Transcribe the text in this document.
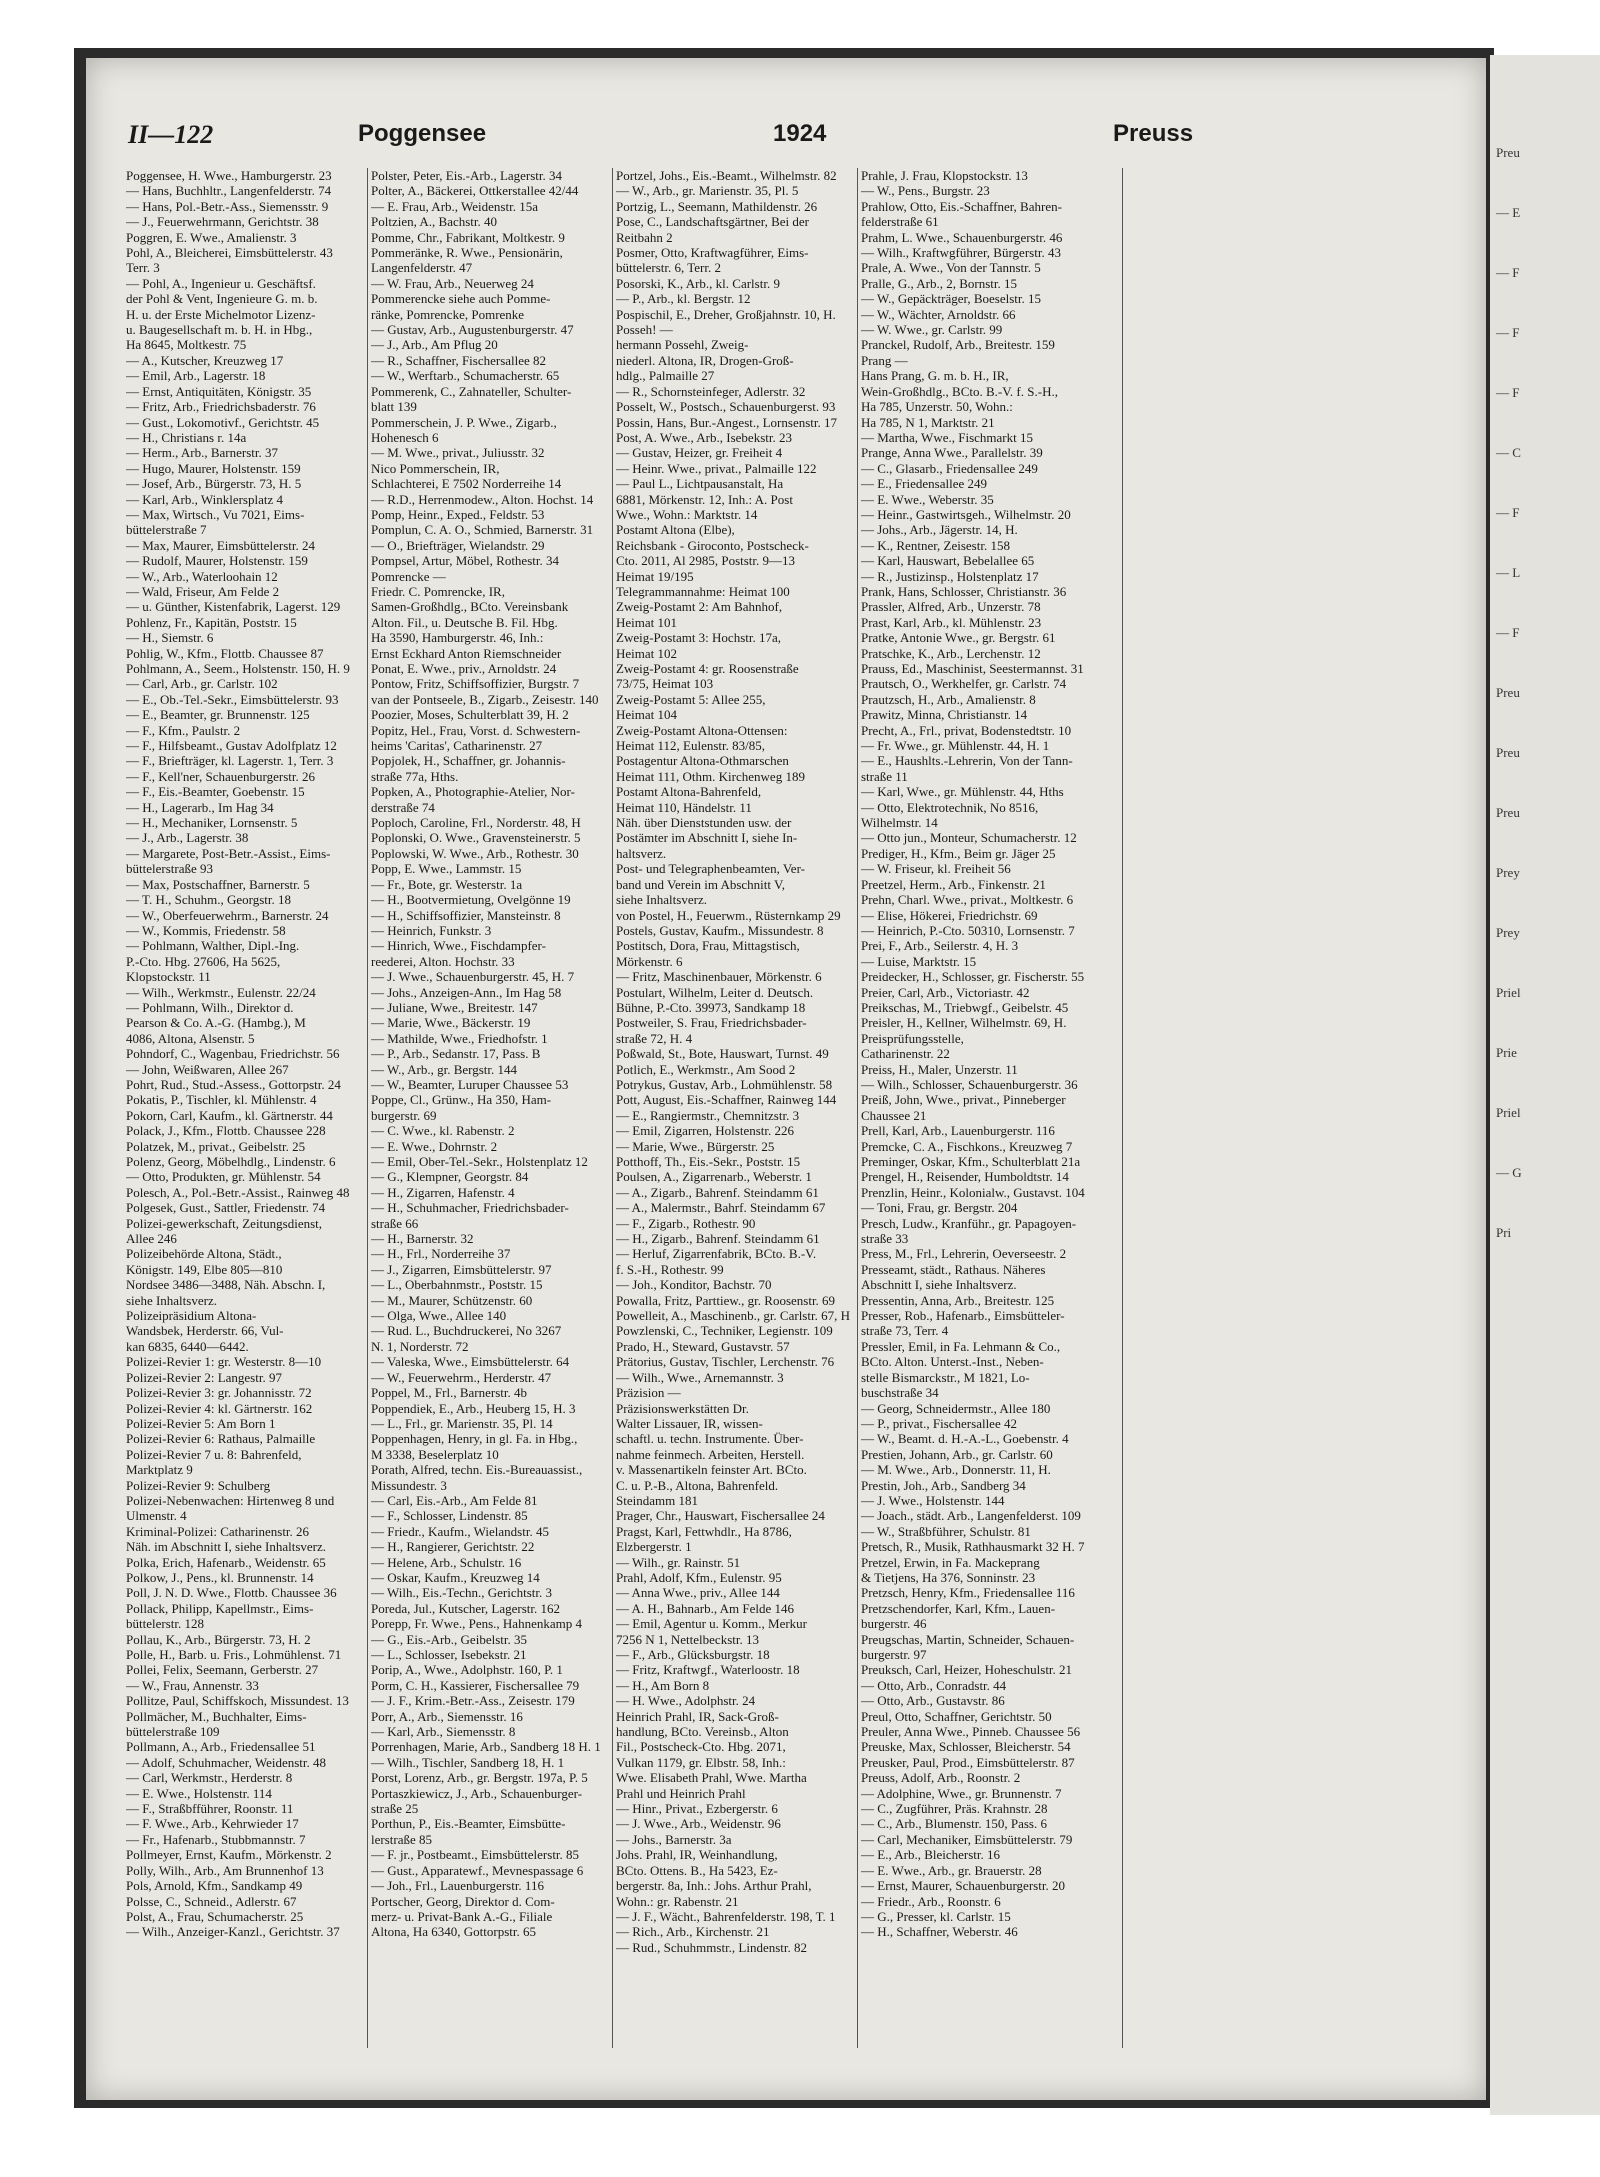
Preu
— E
— F
— F
— F
— C
— F
— L
— F
Preu
Preu
Preu
Prey
Prey
Priel
Prie
Priel
— G
Pri
II—122	Poggensee	1924	Preuss
Poggensee, H. Wwe., Hamburgerstr. 23
— Hans, Buchhltr., Langenfelderstr. 74
— Hans, Pol.-Betr.-Ass., Siemensstr. 9
— J., Feuerwehrmann, Gerichtstr. 38
Poggren, E. Wwe., Amalienstr. 3
Pohl, A., Bleicherei, Eimsbüttelerstr. 43
Terr. 3
— Pohl, A., Ingenieur u. Geschäftsf.
der Pohl & Vent, Ingenieure G. m. b.
H. u. der Erste Michelmotor Lizenz-
u. Baugesellschaft m. b. H. in Hbg.,
Ha 8645, Moltkestr. 75
— A., Kutscher, Kreuzweg 17
— Emil, Arb., Lagerstr. 18
— Ernst, Antiquitäten, Königstr. 35
— Fritz, Arb., Friedrichsbaderstr. 76
— Gust., Lokomotivf., Gerichtstr. 45
— H., Christians r. 14a
— Herm., Arb., Barnerstr. 37
— Hugo, Maurer, Holstenstr. 159
— Josef, Arb., Bürgerstr. 73, H. 5
— Karl, Arb., Winklersplatz 4
— Max, Wirtsch., Vu 7021, Eims-
büttelerstraße 7
— Max, Maurer, Eimsbüttelerstr. 24
— Rudolf, Maurer, Holstenstr. 159
— W., Arb., Waterloohain 12
— Wald, Friseur, Am Felde 2
— u. Günther, Kistenfabrik, Lagerst. 129
Pohlenz, Fr., Kapitän, Poststr. 15
— H., Siemstr. 6
Pohlig, W., Kfm., Flottb. Chaussee 87
Pohlmann, A., Seem., Holstenstr. 150, H. 9
— Carl, Arb., gr. Carlstr. 102
— E., Ob.-Tel.-Sekr., Eimsbüttelerstr. 93
— E., Beamter, gr. Brunnenstr. 125
— F., Kfm., Paulstr. 2
— F., Hilfsbeamt., Gustav Adolfplatz 12
— F., Briefträger, kl. Lagerstr. 1, Terr. 3
— F., Kell'ner, Schauenburgerstr. 26
— F., Eis.-Beamter, Goebenstr. 15
— H., Lagerarb., Im Hag 34
— H., Mechaniker, Lornsenstr. 5
— J., Arb., Lagerstr. 38
— Margarete, Post-Betr.-Assist., Eims-
büttelerstraße 93
— Max, Postschaffner, Barnerstr. 5
— T. H., Schuhm., Georgstr. 18
— W., Oberfeuerwehrm., Barnerstr. 24
— W., Kommis, Friedenstr. 58
— Pohlmann, Walther, Dipl.-Ing.
P.-Cto. Hbg. 27606, Ha 5625,
Klopstockstr. 11
— Wilh., Werkmstr., Eulenstr. 22/24
— Pohlmann, Wilh., Direktor d.
Pearson & Co. A.-G. (Hambg.), M
4086, Altona, Alsenstr. 5
Pohndorf, C., Wagenbau, Friedrichstr. 56
— John, Weißwaren, Allee 267
Pohrt, Rud., Stud.-Assess., Gottorpstr. 24
Pokatis, P., Tischler, kl. Mühlenstr. 4
Pokorn, Carl, Kaufm., kl. Gärtnerstr. 44
Polack, J., Kfm., Flottb. Chaussee 228
Polatzek, M., privat., Geibelstr. 25
Polenz, Georg, Möbelhdlg., Lindenstr. 6
— Otto, Produkten, gr. Mühlenstr. 54
Polesch, A., Pol.-Betr.-Assist., Rainweg 48
Polgesek, Gust., Sattler, Friedenstr. 74
Polizei-gewerkschaft, Zeitungsdienst,
Allee 246
Polizeibehörde Altona, Städt.,
Königstr. 149, Elbe 805—810
Nordsee 3486—3488, Näh. Abschn. I,
siehe Inhaltsverz.
Polizeipräsidium Altona-
Wandsbek, Herderstr. 66, Vul-
kan 6835, 6440—6442.
Polizei-Revier 1: gr. Westerstr. 8—10
Polizei-Revier 2: Langestr. 97
Polizei-Revier 3: gr. Johannisstr. 72
Polizei-Revier 4: kl. Gärtnerstr. 162
Polizei-Revier 5: Am Born 1
Polizei-Revier 6: Rathaus, Palmaille
Polizei-Revier 7 u. 8: Bahrenfeld,
Marktplatz 9
Polizei-Revier 9: Schulberg
Polizei-Nebenwachen: Hirtenweg 8 und
Ulmenstr. 4
Kriminal-Polizei: Catharinenstr. 26
Näh. im Abschnitt I, siehe Inhaltsverz.
Polka, Erich, Hafenarb., Weidenstr. 65
Polkow, J., Pens., kl. Brunnenstr. 14
Poll, J. N. D. Wwe., Flottb. Chaussee 36
Pollack, Philipp, Kapellmstr., Eims-
büttelerstr. 128
Pollau, K., Arb., Bürgerstr. 73, H. 2
Polle, H., Barb. u. Fris., Lohmühlenst. 71
Pollei, Felix, Seemann, Gerberstr. 27
— W., Frau, Annenstr. 33
Pollitze, Paul, Schiffskoch, Missundest. 13
Pollmächer, M., Buchhalter, Eims-
büttelerstraße 109
Pollmann, A., Arb., Friedensallee 51
— Adolf, Schuhmacher, Weidenstr. 48
— Carl, Werkmstr., Herderstr. 8
— E. Wwe., Holstenstr. 114
— F., Straßbfführer, Roonstr. 11
— F. Wwe., Arb., Kehrwieder 17
— Fr., Hafenarb., Stubbmannstr. 7
Pollmeyer, Ernst, Kaufm., Mörkenstr. 2
Polly, Wilh., Arb., Am Brunnenhof 13
Pols, Arnold, Kfm., Sandkamp 49
Polsse, C., Schneid., Adlerstr. 67
Polst, A., Frau, Schumacherstr. 25
— Wilh., Anzeiger-Kanzl., Gerichtstr. 37
Polster, Peter, Eis.-Arb., Lagerstr. 34
Polter, A., Bäckerei, Ottkerstallee 42/44
— E. Frau, Arb., Weidenstr. 15a
Poltzien, A., Bachstr. 40
Pomme, Chr., Fabrikant, Moltkestr. 9
Pommeränke, R. Wwe., Pensionärin,
Langenfelderstr. 47
— W. Frau, Arb., Neuerweg 24
Pommerencke siehe auch Pomme-
ränke, Pomrencke, Pomrenke
— Gustav, Arb., Augustenburgerstr. 47
— J., Arb., Am Pflug 20
— R., Schaffner, Fischersallee 82
— W., Werftarb., Schumacherstr. 65
Pommerenk, C., Zahnateller, Schulter-
blatt 139
Pommerschein, J. P. Wwe., Zigarb.,
Hohenesch 6
— M. Wwe., privat., Juliusstr. 32
Nico Pommerschein, IR,
Schlachterei, E 7502 Norderreihe 14
— R.D., Herrenmodew., Alton. Hochst. 14
Pomp, Heinr., Exped., Feldstr. 53
Pomplun, C. A. O., Schmied, Barnerstr. 31
— O., Briefträger, Wielandstr. 29
Pompsel, Artur, Möbel, Rothestr. 34
Pomrencke —
Friedr. C. Pomrencke, IR,
Samen-Großhdlg., BCto. Vereinsbank
Alton. Fil., u. Deutsche B. Fil. Hbg.
Ha 3590, Hamburgerstr. 46, Inh.:
Ernst Eckhard Anton Riemschneider
Ponat, E. Wwe., priv., Arnoldstr. 24
Pontow, Fritz, Schiffsoffizier, Burgstr. 7
van der Pontseele, B., Zigarb., Zeisestr. 140
Poozier, Moses, Schulterblatt 39, H. 2
Popitz, Hel., Frau, Vorst. d. Schwestern-
heims 'Caritas', Catharinenstr. 27
Popjolek, H., Schaffner, gr. Johannis-
straße 77a, Hths.
Popken, A., Photographie-Atelier, Nor-
derstraße 74
Poploch, Caroline, Frl., Norderstr. 48, H
Poplonski, O. Wwe., Gravensteinerstr. 5
Poplowski, W. Wwe., Arb., Rothestr. 30
Popp, E. Wwe., Lammstr. 15
— Fr., Bote, gr. Westerstr. 1a
— H., Bootvermietung, Ovelgönne 19
— H., Schiffsoffizier, Mansteinstr. 8
— Heinrich, Funkstr. 3
— Hinrich, Wwe., Fischdampfer-
reederei, Alton. Hochstr. 33
— J. Wwe., Schauenburgerstr. 45, H. 7
— Johs., Anzeigen-Ann., Im Hag 58
— Juliane, Wwe., Breitestr. 147
— Marie, Wwe., Bäckerstr. 19
— Mathilde, Wwe., Friedhofstr. 1
— P., Arb., Sedanstr. 17, Pass. B
— W., Arb., gr. Bergstr. 144
— W., Beamter, Luruper Chaussee 53
Poppe, Cl., Grünw., Ha 350, Ham-
burgerstr. 69
— C. Wwe., kl. Rabenstr. 2
— E. Wwe., Dohrnstr. 2
— Emil, Ober-Tel.-Sekr., Holstenplatz 12
— G., Klempner, Georgstr. 84
— H., Zigarren, Hafenstr. 4
— H., Schuhmacher, Friedrichsbader-
straße 66
— H., Barnerstr. 32
— H., Frl., Norderreihe 37
— J., Zigarren, Eimsbüttelerstr. 97
— L., Oberbahnmstr., Poststr. 15
— M., Maurer, Schützenstr. 60
— Olga, Wwe., Allee 140
— Rud. L., Buchdruckerei, No 3267
N. 1, Norderstr. 72
— Valeska, Wwe., Eimsbüttelerstr. 64
— W., Feuerwehrm., Herderstr. 47
Poppel, M., Frl., Barnerstr. 4b
Poppendiek, E., Arb., Heuberg 15, H. 3
— L., Frl., gr. Marienstr. 35, Pl. 14
Poppenhagen, Henry, in gl. Fa. in Hbg.,
M 3338, Beselerplatz 10
Porath, Alfred, techn. Eis.-Bureauassist.,
Missundestr. 3
— Carl, Eis.-Arb., Am Felde 81
— F., Schlosser, Lindenstr. 85
— Friedr., Kaufm., Wielandstr. 45
— H., Rangierer, Gerichtstr. 22
— Helene, Arb., Schulstr. 16
— Oskar, Kaufm., Kreuzweg 14
— Wilh., Eis.-Techn., Gerichtstr. 3
Poreda, Jul., Kutscher, Lagerstr. 162
Porepp, Fr. Wwe., Pens., Hahnenkamp 4
— G., Eis.-Arb., Geibelstr. 35
— L., Schlosser, Isebekstr. 21
Porip, A., Wwe., Adolphstr. 160, P. 1
Porm, C. H., Kassierer, Fischersallee 79
— J. F., Krim.-Betr.-Ass., Zeisestr. 179
Porr, A., Arb., Siemensstr. 16
— Karl, Arb., Siemensstr. 8
Porrenhagen, Marie, Arb., Sandberg 18 H. 1
— Wilh., Tischler, Sandberg 18, H. 1
Porst, Lorenz, Arb., gr. Bergstr. 197a, P. 5
Portaszkiewicz, J., Arb., Schauenburger-
straße 25
Porthun, P., Eis.-Beamter, Eimsbütte-
lerstraße 85
— F. jr., Postbeamt., Eimsbüttelerstr. 85
— Gust., Apparatewf., Mevnespassage 6
— Joh., Frl., Lauenburgerstr. 116
Portscher, Georg, Direktor d. Com-
merz- u. Privat-Bank A.-G., Filiale
Altona, Ha 6340, Gottorpstr. 65
Portzel, Johs., Eis.-Beamt., Wilhelmstr. 82
— W., Arb., gr. Marienstr. 35, Pl. 5
Portzig, L., Seemann, Mathildenstr. 26
Pose, C., Landschaftsgärtner, Bei der
Reitbahn 2
Posmer, Otto, Kraftwagführer, Eims-
büttelerstr. 6, Terr. 2
Posorski, K., Arb., kl. Carlstr. 9
— P., Arb., kl. Bergstr. 12
Pospischil, E., Dreher, Großjahnstr. 10, H.
Posseh! —
hermann Possehl, Zweig-
niederl. Altona, IR, Drogen-Groß-
hdlg., Palmaille 27
— R., Schornsteinfeger, Adlerstr. 32
Posselt, W., Postsch., Schauenburgerst. 93
Possin, Hans, Bur.-Angest., Lornsenstr. 17
Post, A. Wwe., Arb., Isebekstr. 23
— Gustav, Heizer, gr. Freiheit 4
— Heinr. Wwe., privat., Palmaille 122
— Paul L., Lichtpausanstalt, Ha
6881, Mörkenstr. 12, Inh.: A. Post
Wwe., Wohn.: Marktstr. 14
Postamt Altona (Elbe),
Reichsbank - Giroconto, Postscheck-
Cto. 2011, Al 2985, Poststr. 9—13
Heimat 19/195
Telegrammannahme: Heimat 100
Zweig-Postamt 2: Am Bahnhof,
Heimat 101
Zweig-Postamt 3: Hochstr. 17a,
Heimat 102
Zweig-Postamt 4: gr. Roosenstraße
73/75, Heimat 103
Zweig-Postamt 5: Allee 255,
Heimat 104
Zweig-Postamt Altona-Ottensen:
Heimat 112, Eulenstr. 83/85,
Postagentur Altona-Othmarschen
Heimat 111, Othm. Kirchenweg 189
Postamt Altona-Bahrenfeld,
Heimat 110, Händelstr. 11
Näh. über Dienststunden usw. der
Postämter im Abschnitt I, siehe In-
haltsverz.
Post- und Telegraphenbeamten, Ver-
band und Verein im Abschnitt V,
siehe Inhaltsverz.
von Postel, H., Feuerwm., Rüsternkamp 29
Postels, Gustav, Kaufm., Missundestr. 8
Postitsch, Dora, Frau, Mittagstisch,
Mörkenstr. 6
— Fritz, Maschinenbauer, Mörkenstr. 6
Postulart, Wilhelm, Leiter d. Deutsch.
Bühne, P.-Cto. 39973, Sandkamp 18
Postweiler, S. Frau, Friedrichsbader-
straße 72, H. 4
Poßwald, St., Bote, Hauswart, Turnst. 49
Potlich, E., Werkmstr., Am Sood 2
Potrykus, Gustav, Arb., Lohmühlenstr. 58
Pott, August, Eis.-Schaffner, Rainweg 144
— E., Rangiermstr., Chemnitzstr. 3
— Emil, Zigarren, Holstenstr. 226
— Marie, Wwe., Bürgerstr. 25
Potthoff, Th., Eis.-Sekr., Poststr. 15
Poulsen, A., Zigarrenarb., Weberstr. 1
— A., Zigarb., Bahrenf. Steindamm 61
— A., Malermstr., Bahrf. Steindamm 67
— F., Zigarb., Rothestr. 90
— H., Zigarb., Bahrenf. Steindamm 61
— Herluf, Zigarrenfabrik, BCto. B.-V.
f. S.-H., Rothestr. 99
— Joh., Konditor, Bachstr. 70
Powalla, Fritz, Parttiew., gr. Roosenstr. 69
Powelleit, A., Maschinenb., gr. Carlstr. 67, H
Powzlenski, C., Techniker, Legienstr. 109
Prado, H., Steward, Gustavstr. 57
Prätorius, Gustav, Tischler, Lerchenstr. 76
— Wilh., Wwe., Arnemannstr. 3
Präzision —
Präzisionswerkstätten Dr.
Walter Lissauer, IR, wissen-
schaftl. u. techn. Instrumente. Über-
nahme feinmech. Arbeiten, Herstell.
v. Massenartikeln feinster Art. BCto.
C. u. P.-B., Altona, Bahrenfeld.
Steindamm 181
Prager, Chr., Hauswart, Fischersallee 24
Pragst, Karl, Fettwhdlr., Ha 8786,
Elzbergerstr. 1
— Wilh., gr. Rainstr. 51
Prahl, Adolf, Kfm., Eulenstr. 95
— Anna Wwe., priv., Allee 144
— A. H., Bahnarb., Am Felde 146
— Emil, Agentur u. Komm., Merkur
7256 N 1, Nettelbeckstr. 13
— F., Arb., Glücksburgstr. 18
— Fritz, Kraftwgf., Waterloostr. 18
— H., Am Born 8
— H. Wwe., Adolphstr. 24
Heinrich Prahl, IR, Sack-Groß-
handlung, BCto. Vereinsb., Alton
Fil., Postscheck-Cto. Hbg. 2071,
Vulkan 1179, gr. Elbstr. 58, Inh.:
Wwe. Elisabeth Prahl, Wwe. Martha
Prahl und Heinrich Prahl
— Hinr., Privat., Ezbergerstr. 6
— J. Wwe., Arb., Weidenstr. 96
— Johs., Barnerstr. 3a
Johs. Prahl, IR, Weinhandlung,
BCto. Ottens. B., Ha 5423, Ez-
bergerstr. 8a, Inh.: Johs. Arthur Prahl,
Wohn.: gr. Rabenstr. 21
— J. F., Wächt., Bahrenfelderstr. 198, T. 1
— Rich., Arb., Kirchenstr. 21
— Rud., Schuhmmstr., Lindenstr. 82
Prahle, J. Frau, Klopstockstr. 13
— W., Pens., Burgstr. 23
Prahlow, Otto, Eis.-Schaffner, Bahren-
felderstraße 61
Prahm, L. Wwe., Schauenburgerstr. 46
— Wilh., Kraftwgführer, Bürgerstr. 43
Prale, A. Wwe., Von der Tannstr. 5
Pralle, G., Arb., 2, Bornstr. 15
— W., Gepäckträger, Boeselstr. 15
— W., Wächter, Arnoldstr. 66
— W. Wwe., gr. Carlstr. 99
Pranckel, Rudolf, Arb., Breitestr. 159
Prang —
Hans Prang, G. m. b. H., IR,
Wein-Großhdlg., BCto. B.-V. f. S.-H.,
Ha 785, Unzerstr. 50, Wohn.:
Ha 785, N 1, Marktstr. 21
— Martha, Wwe., Fischmarkt 15
Prange, Anna Wwe., Parallelstr. 39
— C., Glasarb., Friedensallee 249
— E., Friedensallee 249
— E. Wwe., Weberstr. 35
— Heinr., Gastwirtsgeh., Wilhelmstr. 20
— Johs., Arb., Jägerstr. 14, H.
— K., Rentner, Zeisestr. 158
— Karl, Hauswart, Bebelallee 65
— R., Justizinsp., Holstenplatz 17
Prank, Hans, Schlosser, Christianstr. 36
Prassler, Alfred, Arb., Unzerstr. 78
Prast, Karl, Arb., kl. Mühlenstr. 23
Pratke, Antonie Wwe., gr. Bergstr. 61
Pratschke, K., Arb., Lerchenstr. 12
Prauss, Ed., Maschinist, Seestermannst. 31
Prautsch, O., Werkhelfer, gr. Carlstr. 74
Prautzsch, H., Arb., Amalienstr. 8
Prawitz, Minna, Christianstr. 14
Precht, A., Frl., privat, Bodenstedtstr. 10
— Fr. Wwe., gr. Mühlenstr. 44, H. 1
— E., Haushlts.-Lehrerin, Von der Tann-
straße 11
— Karl, Wwe., gr. Mühlenstr. 44, Hths
— Otto, Elektrotechnik, No 8516,
Wilhelmstr. 14
— Otto jun., Monteur, Schumacherstr. 12
Prediger, H., Kfm., Beim gr. Jäger 25
— W. Friseur, kl. Freiheit 56
Preetzel, Herm., Arb., Finkenstr. 21
Prehn, Charl. Wwe., privat., Moltkestr. 6
— Elise, Hökerei, Friedrichstr. 69
— Heinrich, P.-Cto. 50310, Lornsenstr. 7
Prei, F., Arb., Seilerstr. 4, H. 3
— Luise, Marktstr. 15
Preidecker, H., Schlosser, gr. Fischerstr. 55
Preier, Carl, Arb., Victoriastr. 42
Preikschas, M., Triebwgf., Geibelstr. 45
Preisler, H., Kellner, Wilhelmstr. 69, H.
Preisprüfungsstelle,
Catharinenstr. 22
Preiss, H., Maler, Unzerstr. 11
— Wilh., Schlosser, Schauenburgerstr. 36
Preiß, John, Wwe., privat., Pinneberger
Chaussee 21
Prell, Karl, Arb., Lauenburgerstr. 116
Premcke, C. A., Fischkons., Kreuzweg 7
Preminger, Oskar, Kfm., Schulterblatt 21a
Prengel, H., Reisender, Humboldtstr. 14
Prenzlin, Heinr., Kolonialw., Gustavst. 104
— Toni, Frau, gr. Bergstr. 204
Presch, Ludw., Kranführ., gr. Papagoyen-
straße 33
Press, M., Frl., Lehrerin, Oeverseestr. 2
Presseamt, städt., Rathaus. Näheres
Abschnitt I, siehe Inhaltsverz.
Pressentin, Anna, Arb., Breitestr. 125
Presser, Rob., Hafenarb., Eimsbütteler-
straße 73, Terr. 4
Pressler, Emil, in Fa. Lehmann & Co.,
BCto. Alton. Unterst.-Inst., Neben-
stelle Bismarckstr., M 1821, Lo-
buschstraße 34
— Georg, Schneidermstr., Allee 180
— P., privat., Fischersallee 42
— W., Beamt. d. H.-A.-L., Goebenstr. 4
Prestien, Johann, Arb., gr. Carlstr. 60
— M. Wwe., Arb., Donnerstr. 11, H.
Prestin, Joh., Arb., Sandberg 34
— J. Wwe., Holstenstr. 144
— Joach., städt. Arb., Langenfelderst. 109
— W., Straßbführer, Schulstr. 81
Pretsch, R., Musik, Rathhausmarkt 32 H. 7
Pretzel, Erwin, in Fa. Mackeprang
& Tietjens, Ha 376, Sonninstr. 23
Pretzsch, Henry, Kfm., Friedensallee 116
Pretzschendorfer, Karl, Kfm., Lauen-
burgerstr. 46
Preugschas, Martin, Schneider, Schauen-
burgerstr. 97
Preuksch, Carl, Heizer, Hoheschulstr. 21
— Otto, Arb., Conradstr. 44
— Otto, Arb., Gustavstr. 86
Preul, Otto, Schaffner, Gerichtstr. 50
Preuler, Anna Wwe., Pinneb. Chaussee 56
Preuske, Max, Schlosser, Bleicherstr. 54
Preusker, Paul, Prod., Eimsbüttelerstr. 87
Preuss, Adolf, Arb., Roonstr. 2
— Adolphine, Wwe., gr. Brunnenstr. 7
— C., Zugführer, Präs. Krahnstr. 28
— C., Arb., Blumenstr. 150, Pass. 6
— Carl, Mechaniker, Eimsbüttelerstr. 79
— E., Arb., Bleicherstr. 16
— E. Wwe., Arb., gr. Brauerstr. 28
— Ernst, Maurer, Schauenburgerstr. 20
— Friedr., Arb., Roonstr. 6
— G., Presser, kl. Carlstr. 15
— H., Schaffner, Weberstr. 46
